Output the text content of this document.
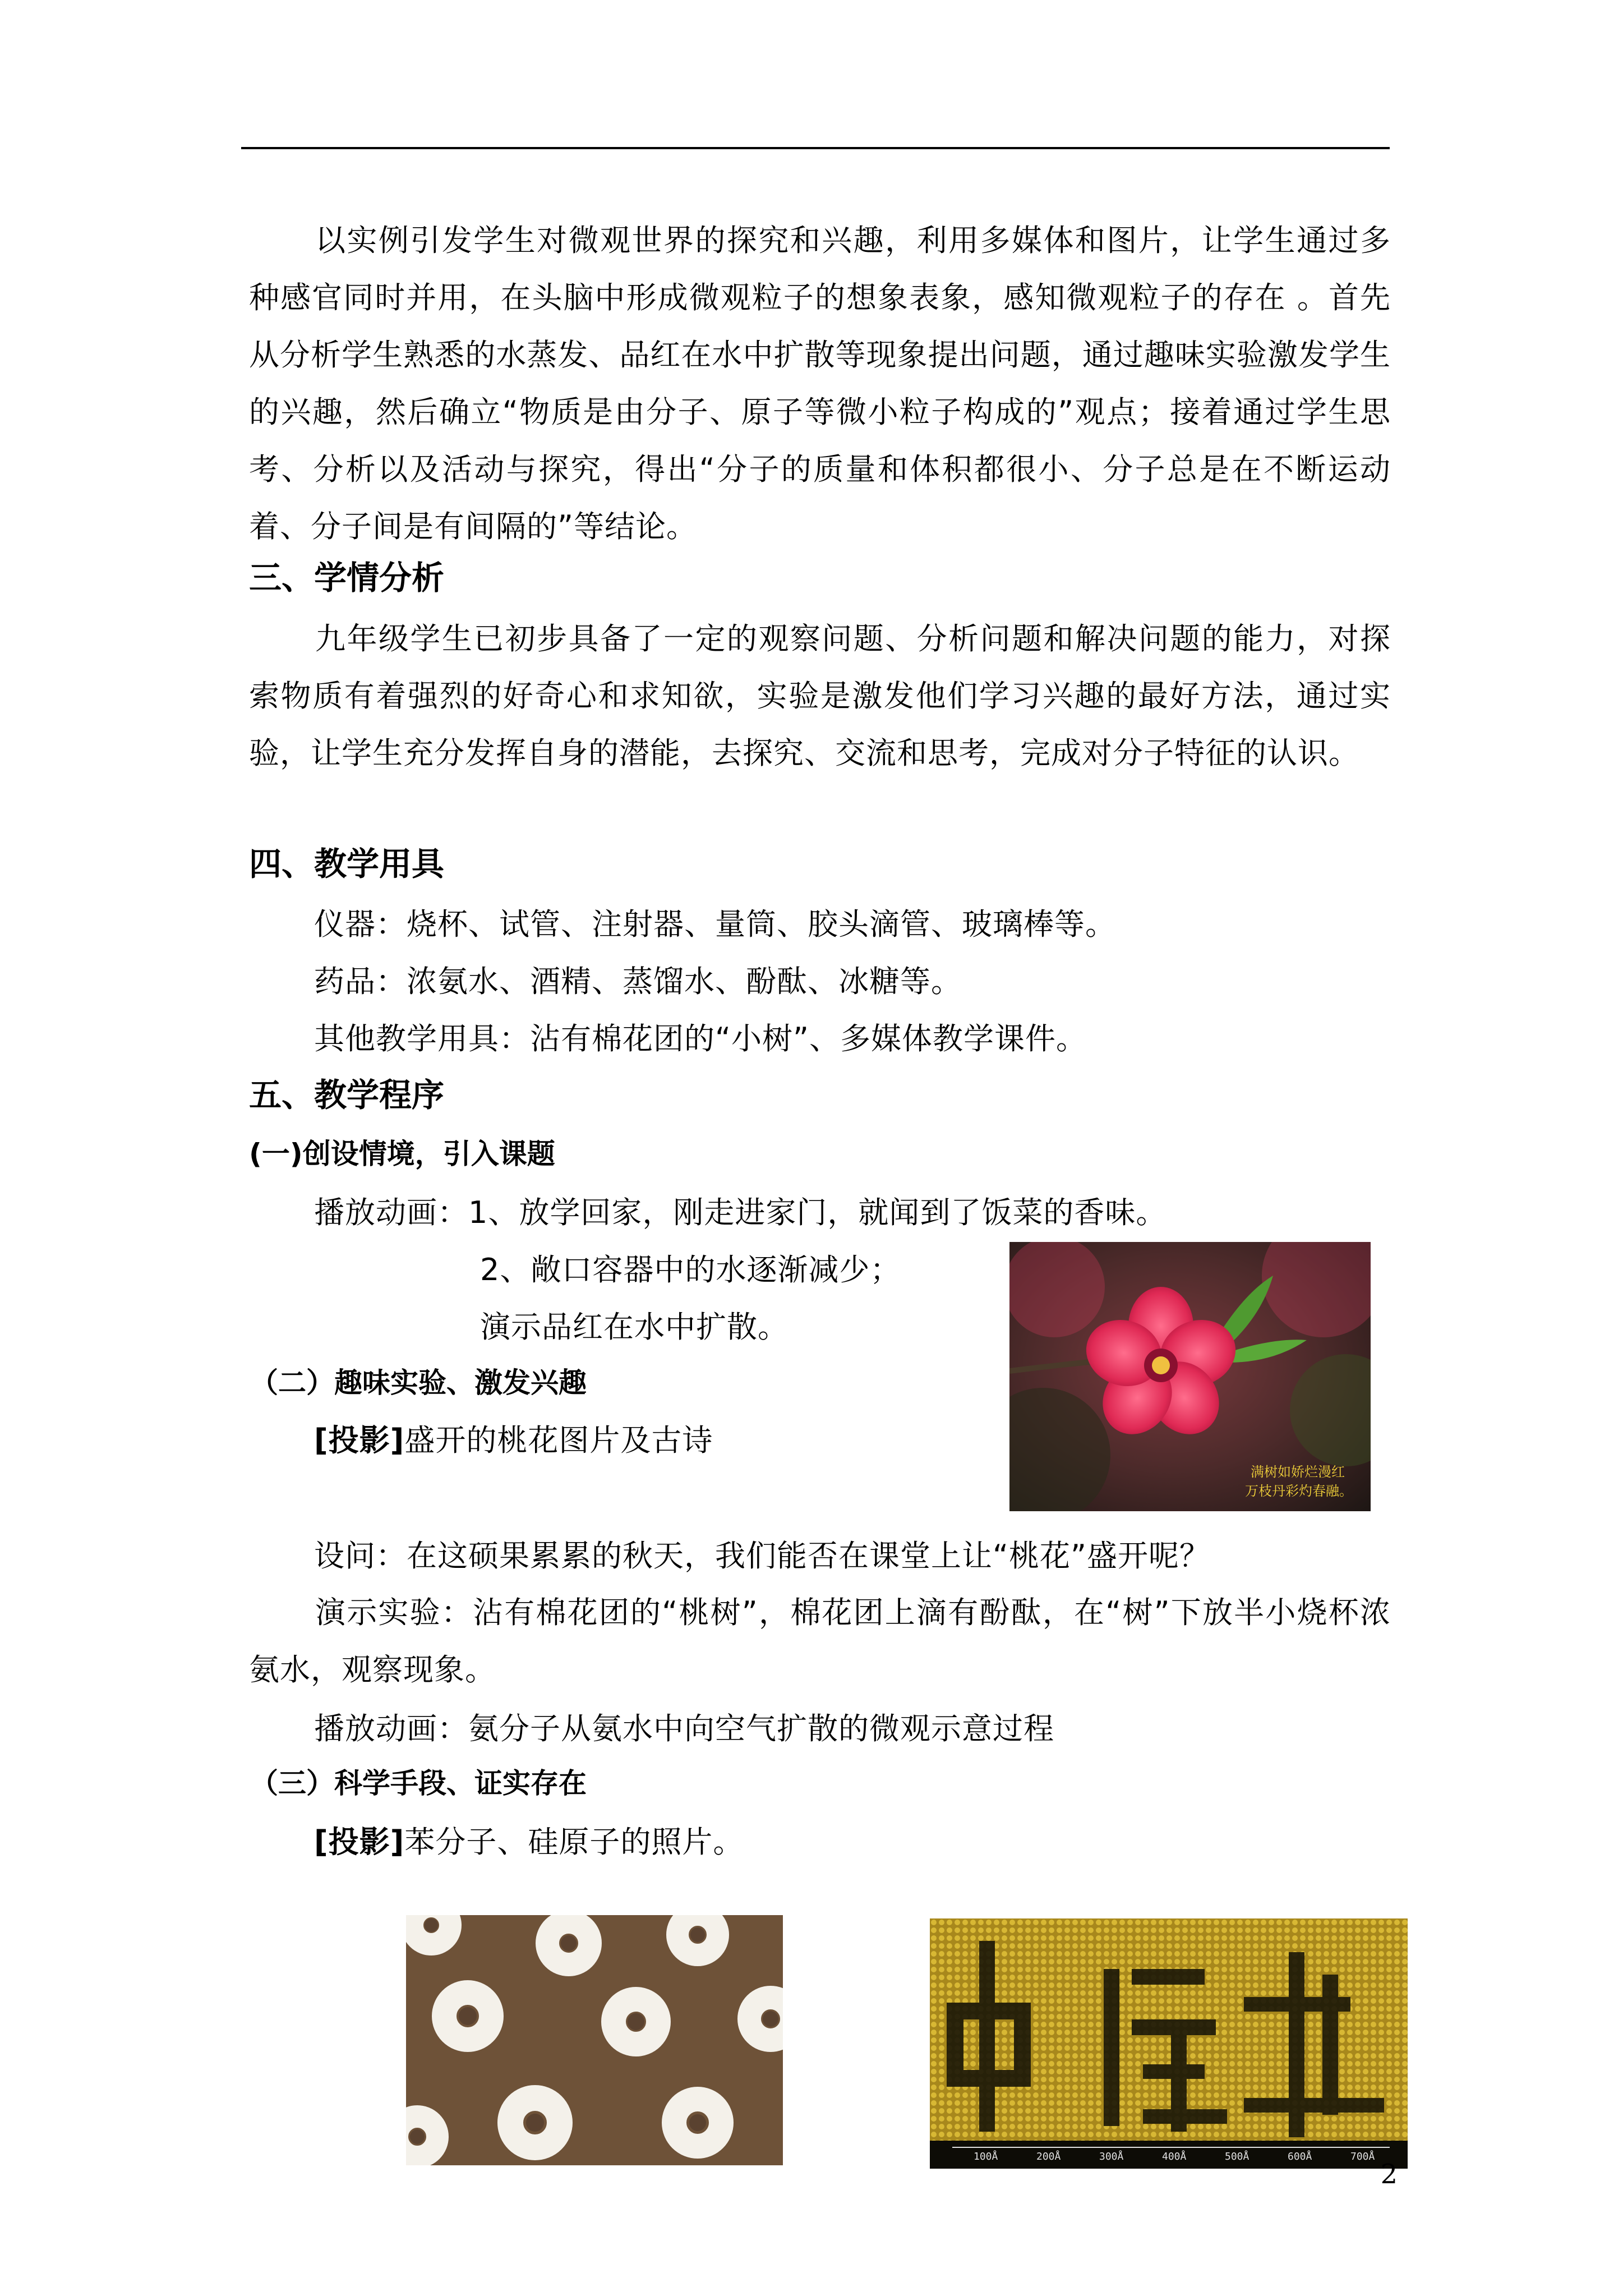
以实例引发学生对微观世界的探究和兴趣，利用多媒体和图片，让学生通过多种感官同时并用，在头脑中形成微观粒子的想象表象，感知微观粒子的存在 。首先从分析学生熟悉的水蒸发、品红在水中扩散等现象提出问题，通过趣味实验激发学生的兴趣，然后确立“物质是由分子、原子等微小粒子构成的”观点；接着通过学生思考、分析以及活动与探究，得出“分子的质量和体积都很小、分子总是在不断运动着、分子间是有间隔的”等结论。

三、学情分析

九年级学生已初步具备了一定的观察问题、分析问题和解决问题的能力，对探索物质有着强烈的好奇心和求知欲，实验是激发他们学习兴趣的最好方法，通过实验，让学生充分发挥自身的潜能，去探究、交流和思考，完成对分子特征的认识。

四、教学用具
仪器：烧杯、试管、注射器、量筒、胶头滴管、玻璃棒等。
药品：浓氨水、酒精、蒸馏水、酚酞、冰糖等。
其他教学用具：沾有棉花团的“小树”、多媒体教学课件。
五、教学程序
(一)创设情境，引入课题
播放动画：1、放学回家，刚走进家门，就闻到了饭菜的香味。
2、敞口容器中的水逐渐减少；
演示品红在水中扩散。
（二）趣味实验、激发兴趣
[投影]盛开的桃花图片及古诗
满树如娇烂漫红
万枝丹彩灼春融。
设问：在这硕果累累的秋天，我们能否在课堂上让“桃花”盛开呢？

演示实验：沾有棉花团的“桃树”，棉花团上滴有酚酞，在“树”下放半小烧杯浓氨水，观察现象。

播放动画：氨分子从氨水中向空气扩散的微观示意过程
（三）科学手段、证实存在
[投影]苯分子、硅原子的照片。
100Å	200Å	300Å	400Å	500Å	600Å	700Å
2
